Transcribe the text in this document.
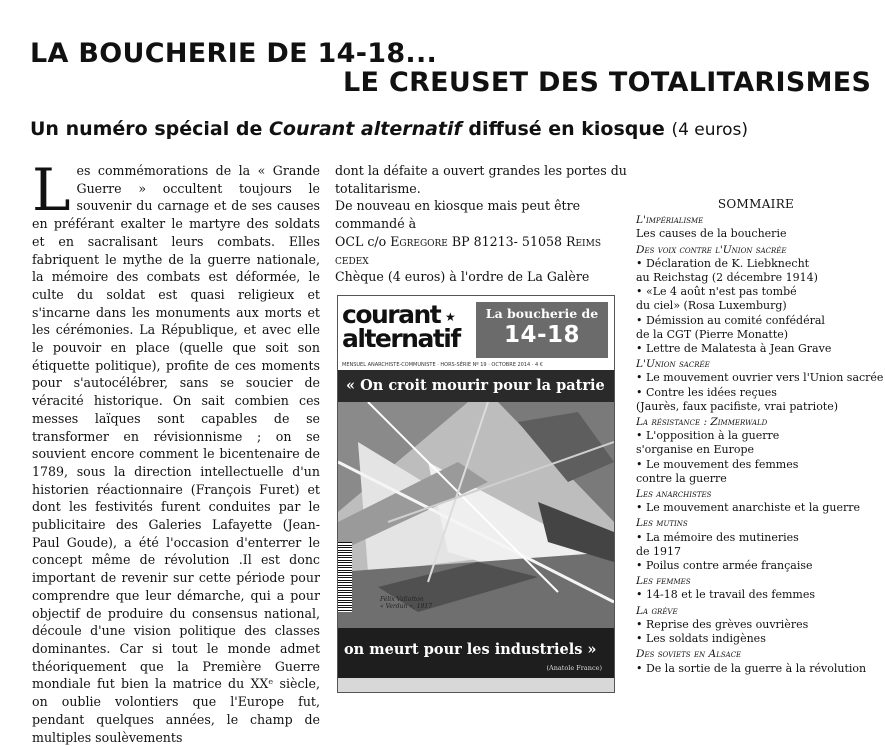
LA BOUCHERIE DE 14-18...
LE CREUSET DES TOTALITARISMES
Un numéro spécial de Courant alternatif diffusé en kiosque (4 euros)
Les commémorations de la « Grande Guerre » occultent toujours le souvenir du carnage et de ses causes en préférant exalter le martyre des soldats et en sacralisant leurs combats. Elles fabriquent le mythe de la guerre nationale, la mémoire des combats est déformée, le culte du soldat est quasi religieux et s'incarne dans les monuments aux morts et les cérémonies. La République, et avec elle le pouvoir en place (quelle que soit son étiquette politique), profite de ces moments pour s'autocélébrer, sans se soucier de véracité historique. On sait combien ces messes laïques sont capables de se transformer en révisionnisme ; on se souvient encore comment le bicentenaire de 1789, sous la direction intellectuelle d'un historien réactionnaire (François Furet) et dont les festivités furent conduites par le publicitaire des Galeries Lafayette (Jean-Paul Goude), a été l'occasion d'enterrer le concept même de révolution .Il est donc important de revenir sur cette période pour comprendre que leur démarche, qui a pour objectif de produire du consensus national, découle d'une vision politique des classes dominantes. Car si tout le monde admet théoriquement que la Première Guerre mondiale fut bien la matrice du XXᵉ siècle, on oublie volontiers que l'Europe fut, pendant quelques années, le champ de multiples soulèvements

dont la défaite a ouvert grandes les portes du totalitarisme.

De nouveau en kiosque mais peut être commandé à

OCL c/o Egregore BP 81213- 51058 Reims cedex

Chèque (4 euros) à l'ordre de La Galère

courant
alternatif
★	La boucherie de
14-18
MENSUEL ANARCHISTE-COMMUNISTE · HORS-SÉRIE Nº 19 · OCTOBRE 2014 · 4 €
« On croit mourir pour la patrie
Félix Vallotton
« Verdun », 1917
on meurt pour les industriels »
(Anatole France)
SOMMAIRE
L'impérialisme
Les causes de la boucherie
Des voix contre l'Union sacrée
• Déclaration de K. Liebknecht
au Reichstag (2 décembre 1914)
• «Le 4 août n'est pas tombé
du ciel» (Rosa Luxemburg)
• Démission au comité confédéral
de la CGT (Pierre Monatte)
• Lettre de Malatesta à Jean Grave
L'Union sacrée
• Le mouvement ouvrier vers l'Union sacrée
• Contre les idées reçues
(Jaurès, faux pacifiste, vrai patriote)
La résistance : Zimmerwald
• L'opposition à la guerre
s'organise en Europe
• Le mouvement des femmes
contre la guerre
Les anarchistes
• Le mouvement anarchiste et la guerre
Les mutins
• La mémoire des mutineries
de 1917
• Poilus contre armée française
Les femmes
• 14-18 et le travail des femmes
La grève
• Reprise des grèves ouvrières
• Les soldats indigènes
Des soviets en Alsace
• De la sortie de la guerre à la révolution
